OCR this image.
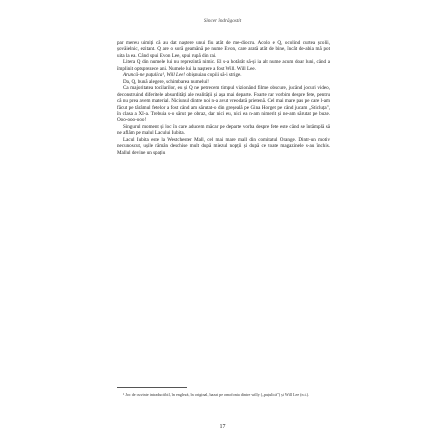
Sincer îndrăgostit

par mereu uimiți că au dat naștere unui fiu atât de me-diocru. Acolo e Q, ocolind curtea școlii, șovăielnic, ezitant. Q are o soră geamănă pe nume Evon, care arată atât de bine, încât de-abia mă pot uita la ea. Când spui Evon Lee, spui rupă din rai.

Litera Q din numele lui nu reprezintă nimic. El s-a hotărât să-și ia alt nume acum doar luni, când a împlinit optsprezece ani. Numele lui la naștere a fost Will. Will Lee.

Aruncă-ne puțulica¹, Will Lee! obișnuiau copiii să-i strige.

Da, Q, bună alegere, schimbarea numelui!

Ca majoritatea tocilarilor, eu și Q ne petrecem timpul vizionând filme obscure, jucând jocuri video, deconstruind diferitele absurdități ale realității și așa mai departe. Foarte rar vorbim despre fete, pentru că nu prea avem material. Niciunul dintre noi n-a avut vreodată prietenă. Cel mai mare pas pe care l-am făcut pe tărâmul fetelor a fost când am sărutat-o din greșeală pe Gina Horget pe când jucam „Sticluța", în clasa a XI-a. Trebuia s-o sărut pe obraz, dar nici eu, nici ea n-am nimerit și ne-am sărutat pe buze. Ooo-ooo-ooo!

Singurul moment și loc în care aducem măcar pe departe vorba despre fete este când se întâmplă să ne aflăm pe malul Lacului Iubita.

Lacul Iubita este la Westchester Mall, cel mai mare mall din comitatul Orange. Dintr-un motiv necunoscut, ușile rămân deschise mult după miezul nopții și după ce toate magazinele s-au închis. Mallul devine un spațiu

¹ Joc de cuvinte intraductibil, în engleză, în original, bazat pe omofonia dintre willy („puțulică") și Will Lee (n.t.).

17
